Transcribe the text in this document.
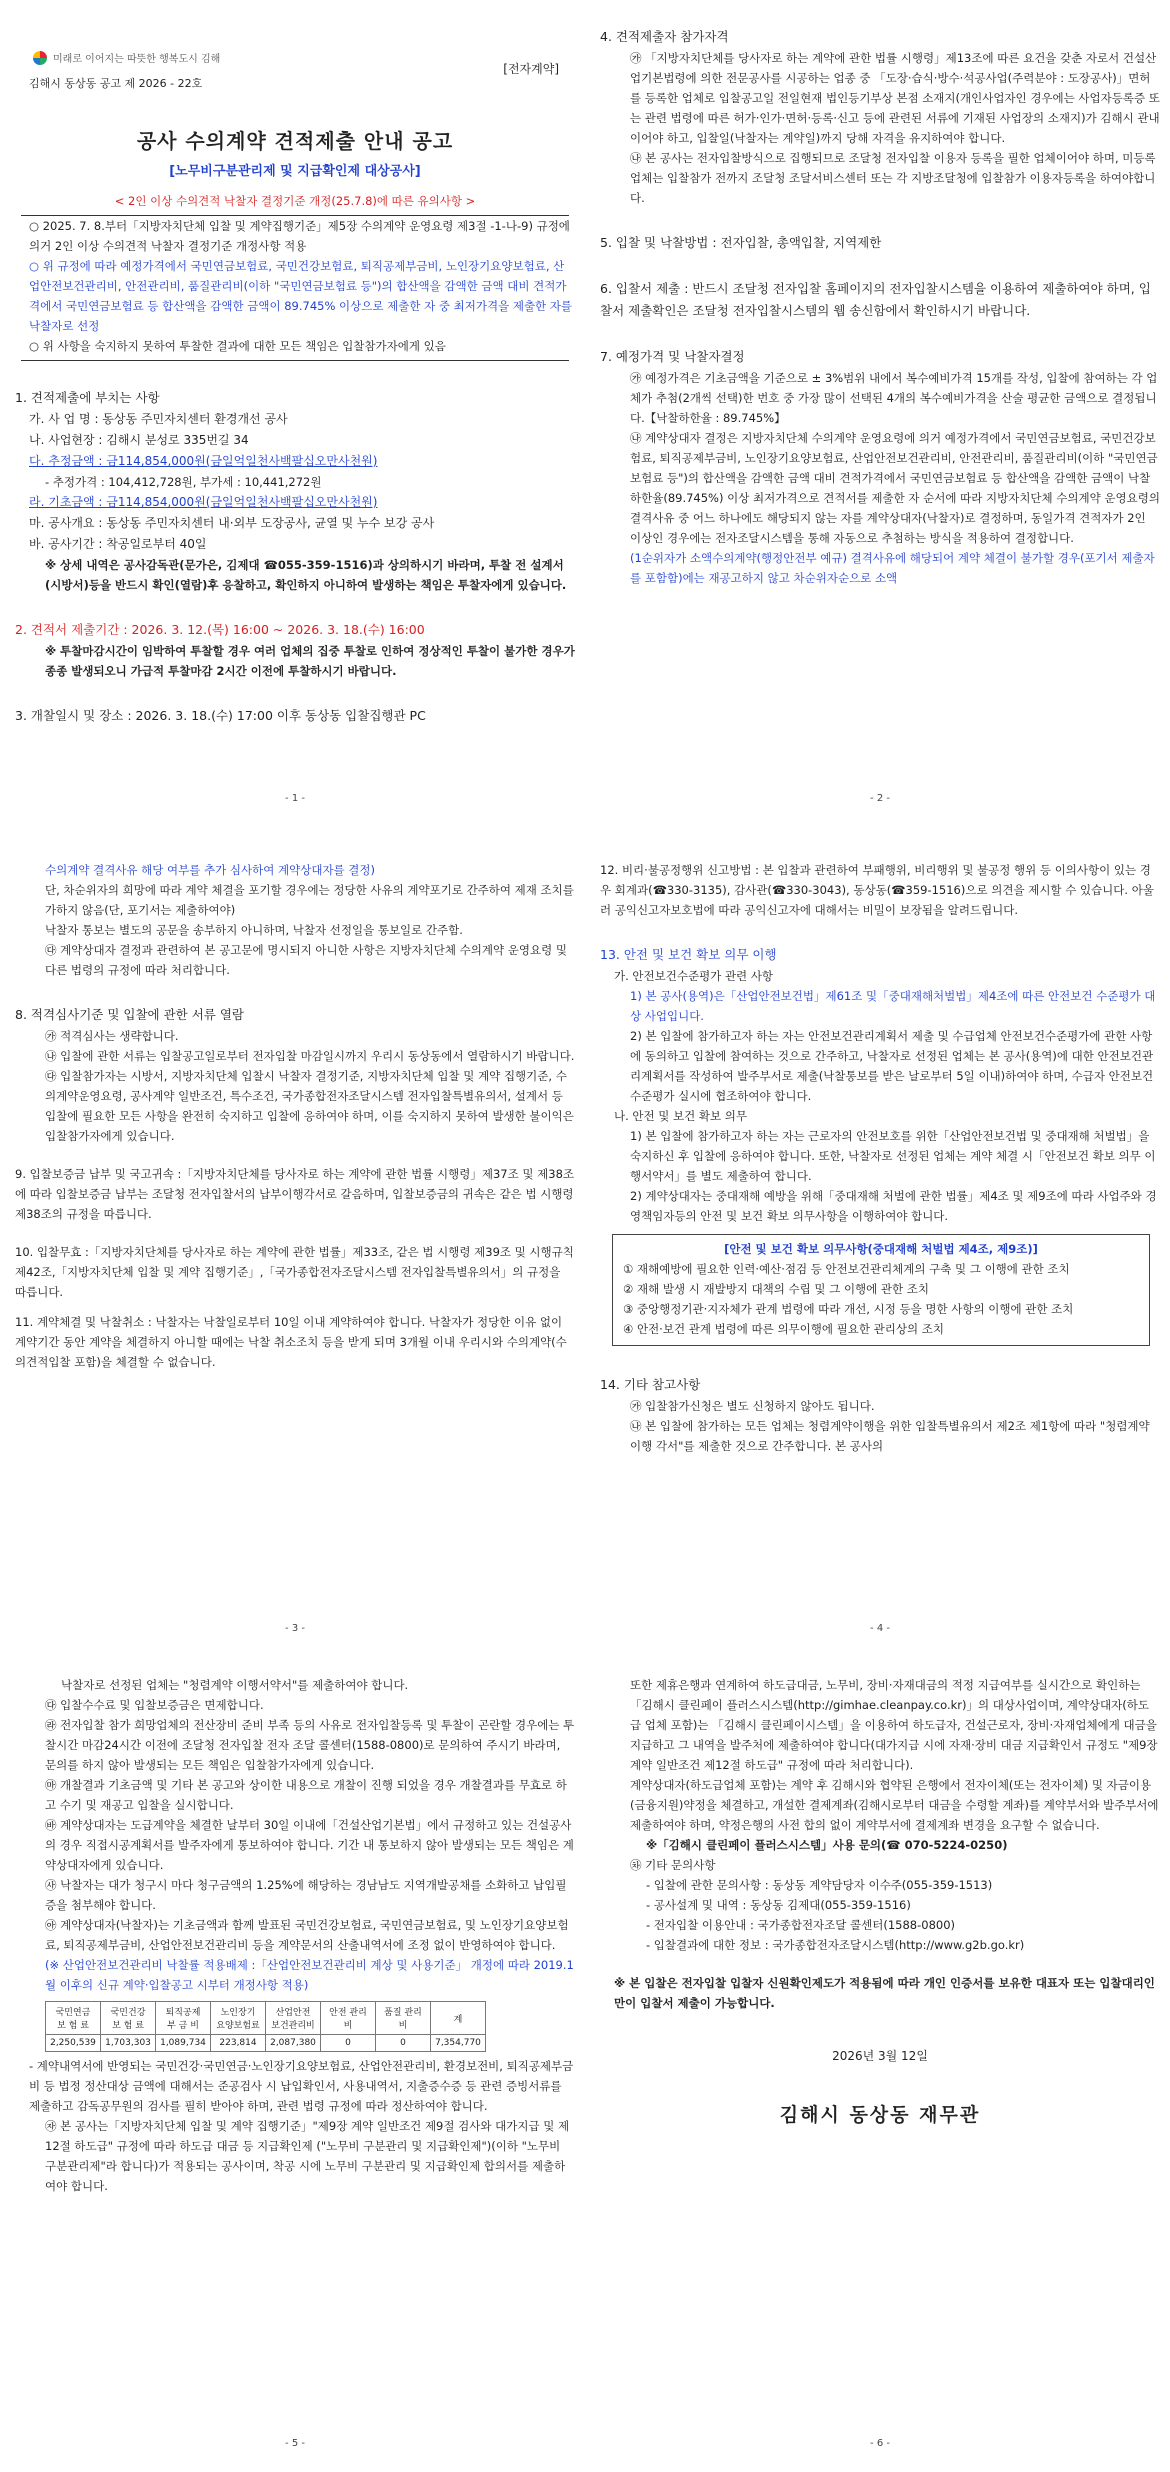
미래로 이어지는 따뜻한 행복도시 김해
[전자계약]
김해시 동상동 공고 제 2026 - 22호
공사 수의계약 견적제출 안내 공고
[노무비구분관리제 및 지급확인제 대상공사]
< 2인 이상 수의견적 낙찰자 결정기준 개정(25.7.8)에 따른 유의사항 >

○ 2025. 7. 8.부터「지방자치단체 입찰 및 계약집행기준」제5장 수의계약 운영요령 제3절 -1-나-9) 규정에 의거 2인 이상 수의견적 낙찰자 결정기준 개정사항 적용

○ 위 규정에 따라 예정가격에서 국민연금보험료, 국민건강보험료, 퇴직공제부금비, 노인장기요양보험료, 산업안전보건관리비, 안전관리비, 품질관리비(이하 "국민연금보험료 등")의 합산액을 감액한 금액 대비 견적가격에서 국민연금보험료 등 합산액을 감액한 금액이 89.745% 이상으로 제출한 자 중 최저가격을 제출한 자를 낙찰자로 선정

○ 위 사항을 숙지하지 못하여 투찰한 결과에 대한 모든 책임은 입찰참가자에게 있음

1. 견적제출에 부치는 사항

가. 사 업 명 : 동상동 주민자치센터 환경개선 공사

나. 사업현장 : 김해시 분성로 335번길 34

다. 추정금액 : 금114,854,000원(금일억일천사백팔십오만사천원)

- 추정가격 : 104,412,728원, 부가세 : 10,441,272원

라. 기초금액 : 금114,854,000원(금일억일천사백팔십오만사천원)

마. 공사개요 : 동상동 주민자치센터 내·외부 도장공사, 균열 및 누수 보강 공사

바. 공사기간 : 착공일로부터 40일

※ 상세 내역은 공사감독관(문가은, 김제대 ☎055-359-1516)과 상의하시기 바라며, 투찰 전 설계서(시방서)등을 반드시 확인(열람)후 응찰하고, 확인하지 아니하여 발생하는 책임은 투찰자에게 있습니다.

2. 견적서 제출기간 : 2026. 3. 12.(목) 16:00 ~ 2026. 3. 18.(수) 16:00

※ 투찰마감시간이 임박하여 투찰할 경우 여러 업체의 집중 투찰로 인하여 정상적인 투찰이 불가한 경우가 종종 발생되오니 가급적 투찰마감 2시간 이전에 투찰하시기 바랍니다.

3. 개찰일시 및 장소 : 2026. 3. 18.(수) 17:00 이후 동상동 입찰집행관 PC

- 1 -

4. 견적제출자 참가자격

㉮ 「지방자치단체를 당사자로 하는 계약에 관한 법률 시행령」제13조에 따른 요건을 갖춘 자로서 건설산업기본법령에 의한 전문공사를 시공하는 업종 중 「도장·습식·방수·석공사업(주력분야 : 도장공사)」면허를 등록한 업체로 입찰공고일 전일현재 법인등기부상 본점 소재지(개인사업자인 경우에는 사업자등록증 또는 관련 법령에 따른 허가·인가·면허·등록·신고 등에 관련된 서류에 기재된 사업장의 소재지)가 김해시 관내이어야 하고, 입찰일(낙찰자는 계약일)까지 당해 자격을 유지하여야 합니다.

㉯ 본 공사는 전자입찰방식으로 집행되므로 조달청 전자입찰 이용자 등록을 필한 업체이어야 하며, 미등록업체는 입찰참가 전까지 조달청 조달서비스센터 또는 각 지방조달청에 입찰참가 이용자등록을 하여야합니다.

5. 입찰 및 낙찰방법 : 전자입찰, 총액입찰, 지역제한

6. 입찰서 제출 : 반드시 조달청 전자입찰 홈페이지의 전자입찰시스템을 이용하여 제출하여야 하며, 입찰서 제출확인은 조달청 전자입찰시스템의 웹 송신함에서 확인하시기 바랍니다.

7. 예정가격 및 낙찰자결정

㉮ 예정가격은 기초금액을 기준으로 ± 3%범위 내에서 복수예비가격 15개를 작성, 입찰에 참여하는 각 업체가 추첨(2개씩 선택)한 번호 중 가장 많이 선택된 4개의 복수예비가격을 산술 평균한 금액으로 결정됩니다.【낙찰하한율 : 89.745%】

㉯ 계약상대자 결정은 지방자치단체 수의계약 운영요령에 의거 예정가격에서 국민연금보험료, 국민건강보험료, 퇴직공제부금비, 노인장기요양보험료, 산업안전보건관리비, 안전관리비, 품질관리비(이하 "국민연금보험료 등")의 합산액을 감액한 금액 대비 견적가격에서 국민연금보험료 등 합산액을 감액한 금액이 낙찰하한율(89.745%) 이상 최저가격으로 견적서를 제출한 자 순서에 따라 지방자치단체 수의계약 운영요령의 결격사유 중 어느 하나에도 해당되지 않는 자를 계약상대자(낙찰자)로 결정하며, 동일가격 견적자가 2인 이상인 경우에는 전자조달시스템을 통해 자동으로 추첨하는 방식을 적용하여 결정합니다.

(1순위자가 소액수의계약(행정안전부 예규) 결격사유에 해당되어 계약 체결이 불가할 경우(포기서 제출자를 포함함)에는 재공고하지 않고 차순위자순으로 소액

- 2 -

수의계약 결격사유 해당 여부를 추가 심사하여 계약상대자를 결정)

단, 차순위자의 희망에 따라 계약 체결을 포기할 경우에는 정당한 사유의 계약포기로 간주하여 제재 조치를 가하지 않음(단, 포기서는 제출하여야)

낙찰자 통보는 별도의 공문을 송부하지 아니하며, 낙찰자 선정일을 통보일로 간주함.

㉰ 계약상대자 결정과 관련하여 본 공고문에 명시되지 아니한 사항은 지방자치단체 수의계약 운영요령 및 다른 법령의 규정에 따라 처리합니다.

8. 적격심사기준 및 입찰에 관한 서류 열람

㉮ 적격심사는 생략합니다.

㉯ 입찰에 관한 서류는 입찰공고일로부터 전자입찰 마감일시까지 우리시 동상동에서 열람하시기 바랍니다.

㉰ 입찰참가자는 시방서, 지방자치단체 입찰시 낙찰자 결정기준, 지방자치단체 입찰 및 계약 집행기준, 수의계약운영요령, 공사계약 일반조건, 특수조건, 국가종합전자조달시스템 전자입찰특별유의서, 설계서 등 입찰에 필요한 모든 사항을 완전히 숙지하고 입찰에 응하여야 하며, 이를 숙지하지 못하여 발생한 불이익은 입찰참가자에게 있습니다.

9. 입찰보증금 납부 및 국고귀속 :「지방자치단체를 당사자로 하는 계약에 관한 법률 시행령」제37조 및 제38조에 따라 입찰보증금 납부는 조달청 전자입찰서의 납부이행각서로 갈음하며, 입찰보증금의 귀속은 같은 법 시행령 제38조의 규정을 따릅니다.

10. 입찰무효 :「지방자치단체를 당사자로 하는 계약에 관한 법률」제33조, 같은 법 시행령 제39조 및 시행규칙 제42조,「지방자치단체 입찰 및 계약 집행기준」,「국가종합전자조달시스템 전자입찰특별유의서」의 규정을 따릅니다.

11. 계약체결 및 낙찰취소 : 낙찰자는 낙찰일로부터 10일 이내 계약하여야 합니다. 낙찰자가 정당한 이유 없이 계약기간 동안 계약을 체결하지 아니할 때에는 낙찰 취소조치 등을 받게 되며 3개월 이내 우리시와 수의계약(수의견적입찰 포함)을 체결할 수 없습니다.

- 3 -

12. 비리·불공정행위 신고방법 : 본 입찰과 관련하여 부패행위, 비리행위 및 불공정 행위 등 이의사항이 있는 경우 회계과(☎330-3135), 감사관(☎330-3043), 동상동(☎359-1516)으로 의견을 제시할 수 있습니다. 아울러 공익신고자보호법에 따라 공익신고자에 대해서는 비밀이 보장됨을 알려드립니다.

13. 안전 및 보건 확보 의무 이행

가. 안전보건수준평가 관련 사항

1) 본 공사(용역)은「산업안전보건법」제61조 및「중대재해처벌법」제4조에 따른 안전보건 수준평가 대상 사업입니다.

2) 본 입찰에 참가하고자 하는 자는 안전보건관리계획서 제출 및 수급업체 안전보건수준평가에 관한 사항에 동의하고 입찰에 참여하는 것으로 간주하고, 낙찰자로 선정된 업체는 본 공사(용역)에 대한 안전보건관리계획서를 작성하여 발주부서로 제출(낙찰통보를 받은 날로부터 5일 이내)하여야 하며, 수급자 안전보건수준평가 실시에 협조하여야 합니다.

나. 안전 및 보건 확보 의무

1) 본 입찰에 참가하고자 하는 자는 근로자의 안전보호를 위한「산업안전보건법 및 중대재해 처벌법」을 숙지하신 후 입찰에 응하여야 합니다. 또한, 낙찰자로 선정된 업체는 계약 체결 시「안전보건 확보 의무 이행서약서」를 별도 제출하여 합니다.

2) 계약상대자는 중대재해 예방을 위해「중대재해 처벌에 관한 법률」제4조 및 제9조에 따라 사업주와 경영책임자등의 안전 및 보건 확보 의무사항을 이행하여야 합니다.

[안전 및 보건 확보 의무사항(중대재해 처벌법 제4조, 제9조)]

① 재해예방에 필요한 인력·예산·점검 등 안전보건관리체계의 구축 및 그 이행에 관한 조치

② 재해 발생 시 재발방지 대책의 수립 및 그 이행에 관한 조치

③ 중앙행정기관·지자체가 관계 법령에 따라 개선, 시정 등을 명한 사항의 이행에 관한 조치

④ 안전·보건 관계 법령에 따른 의무이행에 필요한 관리상의 조치

14. 기타 참고사항

㉮ 입찰참가신청은 별도 신청하지 않아도 됩니다.

㉯ 본 입찰에 참가하는 모든 업체는 청렴계약이행을 위한 입찰특별유의서 제2조 제1항에 따라 "청렴계약 이행 각서"를 제출한 것으로 간주합니다. 본 공사의

- 4 -

낙찰자로 선정된 업체는 "청렴계약 이행서약서"를 제출하여야 합니다.

㉰ 입찰수수료 및 입찰보증금은 면제합니다.

㉱ 전자입찰 참가 희망업체의 전산장비 준비 부족 등의 사유로 전자입찰등록 및 투찰이 곤란할 경우에는 투찰시간 마감24시간 이전에 조달청 전자입찰 전자 조달 콜센터(1588-0800)로 문의하여 주시기 바라며, 문의를 하지 않아 발생되는 모든 책임은 입찰참가자에게 있습니다.

㉲ 개찰결과 기초금액 및 기타 본 공고와 상이한 내용으로 개찰이 진행 되었을 경우 개찰결과를 무효로 하고 수기 및 재공고 입찰을 실시합니다.

㉳ 계약상대자는 도급계약을 체결한 날부터 30일 이내에「건설산업기본법」에서 규정하고 있는 건설공사의 경우 직접시공계획서를 발주자에게 통보하여야 합니다. 기간 내 통보하지 않아 발생되는 모든 책임은 계약상대자에게 있습니다.

㉴ 낙찰자는 대가 청구시 마다 청구금액의 1.25%에 해당하는 경남남도 지역개발공채를 소화하고 납입필증을 첨부해야 합니다.

㉵ 계약상대자(낙찰자)는 기초금액과 함께 발표된 국민건강보험료, 국민연금보험료, 및 노인장기요양보험료, 퇴직공제부금비, 산업안전보건관리비 등을 계약문서의 산출내역서에 조정 없이 반영하여야 합니다.

(※ 산업안전보건관리비 낙찰률 적용배제 :「산업안전보건관리비 계상 및 사용기준」 개정에 따라 2019.1월 이후의 신규 계약·입찰공고 시부터 개정사항 적용)

국민연금 보 험 료	국민건강 보 험 료	퇴직공제 부 금 비	노인장기 요양보험료	산업안전 보건관리비	안전 관리비	품질 관리비	계
2,250,539	1,703,303	1,089,734	223,814	2,087,380	0	0	7,354,770

- 계약내역서에 반영되는 국민건강·국민연금·노인장기요양보험료, 산업안전관리비, 환경보전비, 퇴직공제부금비 등 법정 정산대상 금액에 대해서는 준공검사 시 납입확인서, 사용내역서, 지출증수증 등 관련 증빙서류를 제출하고 감독공무원의 검사를 필히 받아야 하며, 관련 법령 규정에 따라 정산하여야 합니다.

㉶ 본 공사는「지방자치단체 입찰 및 계약 집행기준」"제9장 계약 일반조건 제9절 검사와 대가지급 및 제12절 하도급" 규정에 따라 하도급 대금 등 지급확인제 ("노무비 구분관리 및 지급확인제")(이하 "노무비 구분관리제"라 합니다)가 적용되는 공사이며, 착공 시에 노무비 구분관리 및 지급확인제 합의서를 제출하여야 합니다.

- 5 -

또한 제휴은행과 연계하여 하도급대금, 노무비, 장비·자재대금의 적정 지급여부를 실시간으로 확인하는「김해시 클린페이 플러스시스템(http://gimhae.cleanpay.co.kr)」의 대상사업이며, 계약상대자(하도급 업체 포함)는 「김해시 클린페이시스템」을 이용하여 하도급자, 건설근로자, 장비·자재업체에게 대금을 지급하고 그 내역을 발주처에 제출하여야 합니다(대가지급 시에 자재·장비 대금 지급확인서 규정도 "제9장 계약 일반조건 제12절 하도급" 규정에 따라 처리합니다).

계약상대자(하도급업체 포함)는 계약 후 김해시와 협약된 은행에서 전자이체(또는 전자이체) 및 자금이용(금융지원)약정을 체결하고, 개설한 결제계좌(김해시로부터 대금을 수령할 계좌)를 계약부서와 발주부서에 제출하여야 하며, 약정은행의 사전 합의 없이 계약부서에 결제계좌 변경을 요구할 수 없습니다.

※「김해시 클린페이 플러스시스템」사용 문의(☎ 070-5224-0250)

㉷ 기타 문의사항

- 입찰에 관한 문의사항 : 동상동 계약담당자 이수주(055-359-1513)

- 공사설계 및 내역 : 동상동 김제대(055-359-1516)

- 전자입찰 이용안내 : 국가종합전자조달 콜센터(1588-0800)

- 입찰결과에 대한 정보 : 국가종합전자조달시스템(http://www.g2b.go.kr)

※ 본 입찰은 전자입찰 입찰자 신원확인제도가 적용됨에 따라 개인 인증서를 보유한 대표자 또는 입찰대리인만이 입찰서 제출이 가능합니다.

2026년 3월 12일
김해시 동상동 재무관
- 6 -
